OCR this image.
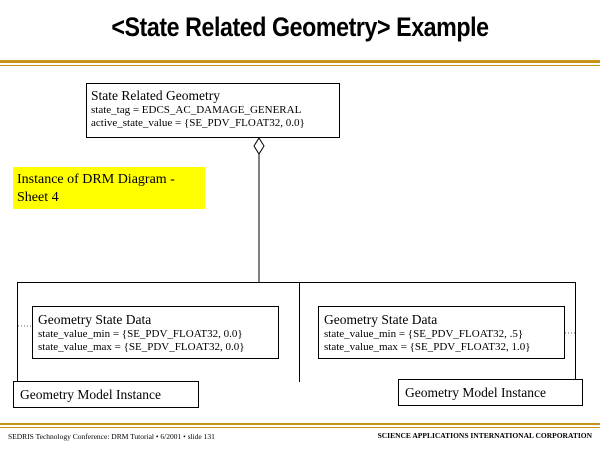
<State Related Geometry> Example
State Related Geometry
state_tag = EDCS_AC_DAMAGE_GENERAL
active_state_value = {SE_PDV_FLOAT32, 0.0}
Instance of DRM Diagram -
Sheet 4
Geometry State Data
state_value_min = {SE_PDV_FLOAT32, 0.0}
state_value_max = {SE_PDV_FLOAT32, 0.0}
Geometry State Data
state_value_min = {SE_PDV_FLOAT32, .5}
state_value_max = {SE_PDV_FLOAT32, 1.0}
Geometry Model Instance	Geometry Model Instance
SEDRIS Technology Conference: DRM Tutorial • 6/2001 • slide 131	SCIENCE APPLICATIONS INTERNATIONAL CORPORATION
